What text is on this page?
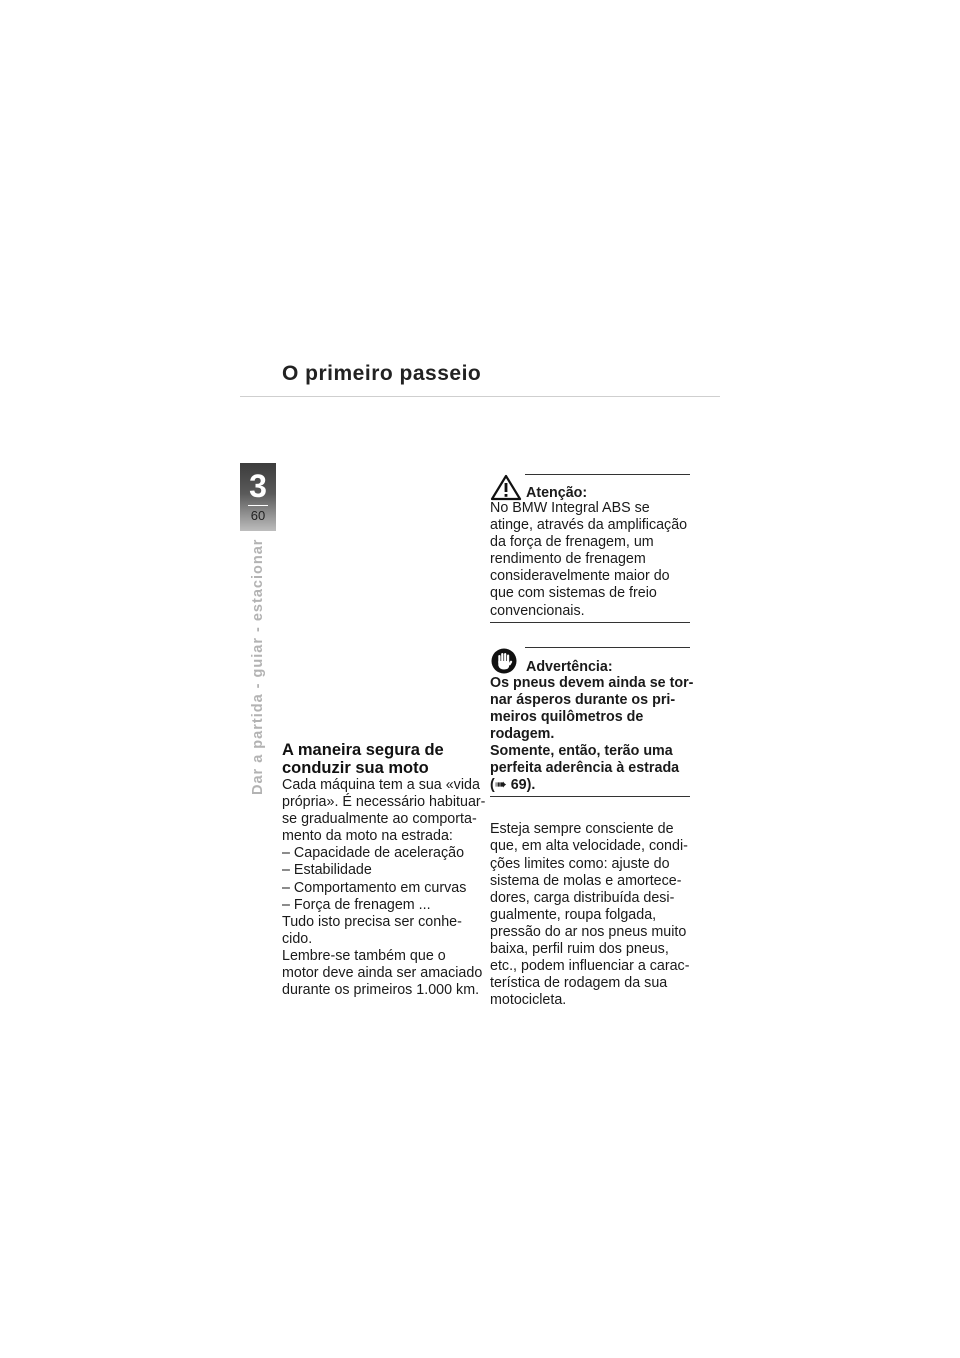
O primeiro passeio
3
60
Dar a partida - guiar - estacionar A maneira segura de
conduzir sua moto
Cada máquina tem a sua «vida
própria». É necessário habituar-
se gradualmente ao comporta-
mento da moto na estrada:
– Capacidade de aceleração
– Estabilidade
– Comportamento em curvas
– Força de frenagem ...
Tudo isto precisa ser conhe-
cido.
Lembre-se também que o
motor deve ainda ser amaciado
durante os primeiros 1.000 km.
Atenção:
No BMW Integral ABS se
atinge, através da amplificação
da força de frenagem, um
rendimento de frenagem
consideravelmente maior do
que com sistemas de freio
convencionais.
Advertência:
Os pneus devem ainda se tor-
nar ásperos durante os pri-
meiros quilômetros de
rodagem.
Somente, então, terão uma
perfeita aderência à estrada
(➠ 69).
Esteja sempre consciente de
que, em alta velocidade, condi-
ções limites como: ajuste do
sistema de molas e amortece-
dores, carga distribuída desi-
gualmente, roupa folgada,
pressão do ar nos pneus muito
baixa, perfil ruim dos pneus,
etc., podem influenciar a carac-
terística de rodagem da sua
motocicleta.
